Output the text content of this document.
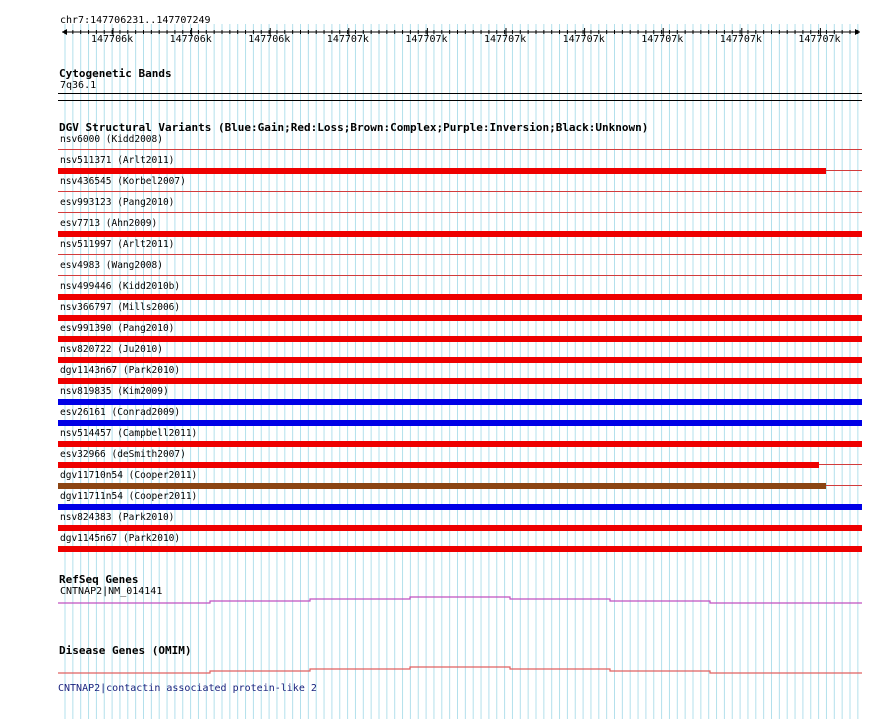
chr7:147706231..147707249
147706k	147706k	147706k	147707k	147707k	147707k	147707k	147707k	147707k	147707k
Cytogenetic Bands
7q36.1
DGV Structural Variants (Blue:Gain;Red:Loss;Brown:Complex;Purple:Inversion;Black:Unknown)
nsv6000 (Kidd2008)
nsv511371 (Arlt2011)
nsv436545 (Korbel2007)
esv993123 (Pang2010)
esv7713 (Ahn2009)
nsv511997 (Arlt2011)
esv4983 (Wang2008)
nsv499446 (Kidd2010b)
nsv366797 (Mills2006)
esv991390 (Pang2010)
nsv820722 (Ju2010)
dgv1143n67 (Park2010)
nsv819835 (Kim2009)
esv26161 (Conrad2009)
nsv514457 (Campbell2011)
esv32966 (deSmith2007)
dgv11710n54 (Cooper2011)
dgv11711n54 (Cooper2011)
nsv824383 (Park2010)
dgv1145n67 (Park2010)
RefSeq Genes
CNTNAP2|NM_014141
Disease Genes (OMIM)
CNTNAP2|contactin associated protein-like 2
